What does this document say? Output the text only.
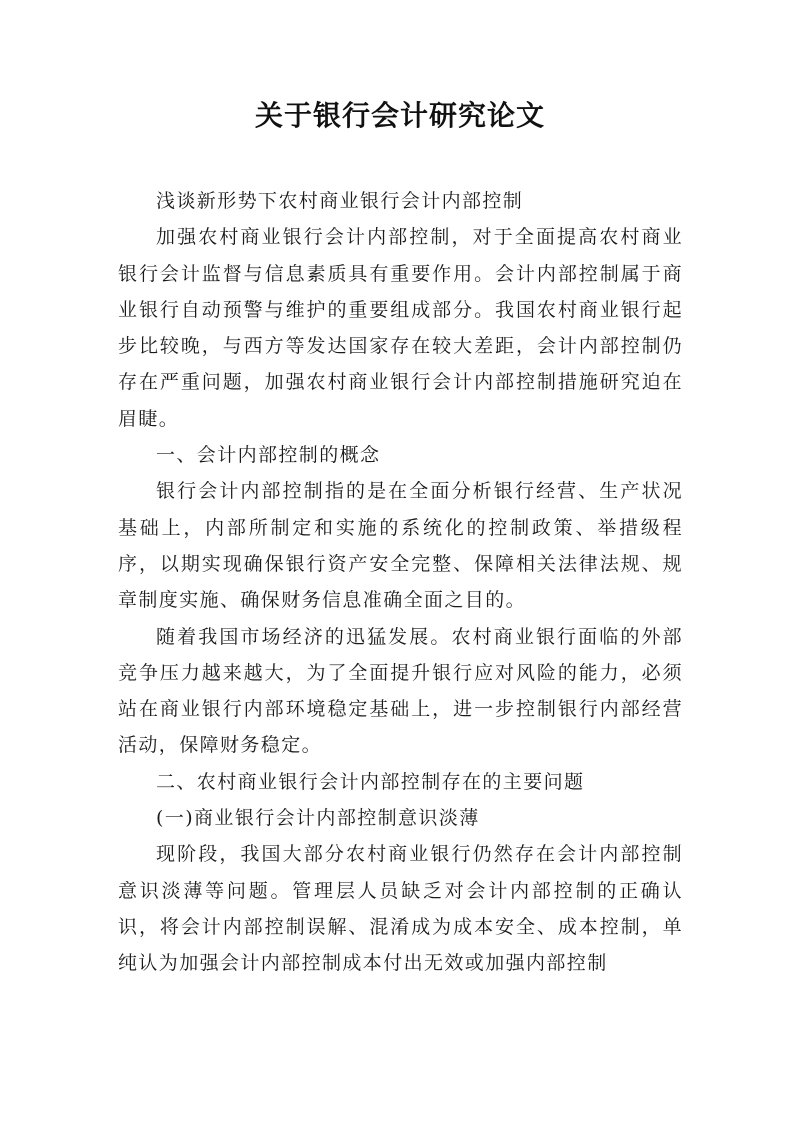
关于银行会计研究论文

浅谈新形势下农村商业银行会计内部控制

加强农村商业银行会计内部控制，对于全面提高农村商业银行会计监督与信息素质具有重要作用。会计内部控制属于商业银行自动预警与维护的重要组成部分。我国农村商业银行起步比较晚，与西方等发达国家存在较大差距，会计内部控制仍存在严重问题，加强农村商业银行会计内部控制措施研究迫在眉睫。

一、会计内部控制的概念

银行会计内部控制指的是在全面分析银行经营、生产状况基础上，内部所制定和实施的系统化的控制政策、举措级程序，以期实现确保银行资产安全完整、保障相关法律法规、规章制度实施、确保财务信息准确全面之目的。

随着我国市场经济的迅猛发展。农村商业银行面临的外部竞争压力越来越大，为了全面提升银行应对风险的能力，必须站在商业银行内部环境稳定基础上，进一步控制银行内部经营活动，保障财务稳定。

二、农村商业银行会计内部控制存在的主要问题

(一)商业银行会计内部控制意识淡薄

现阶段，我国大部分农村商业银行仍然存在会计内部控制意识淡薄等问题。管理层人员缺乏对会计内部控制的正确认识，将会计内部控制误解、混淆成为成本安全、成本控制，单纯认为加强会计内部控制成本付出无效或加强内部控制
